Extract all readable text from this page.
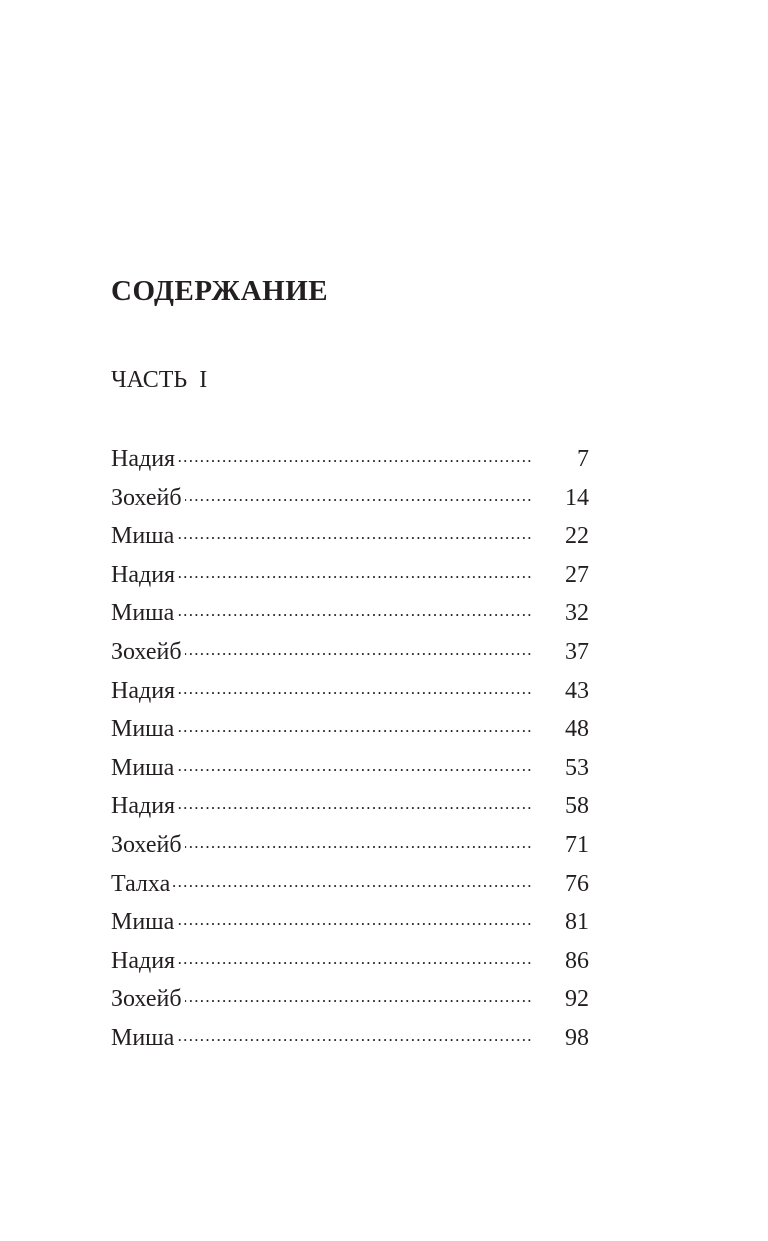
СОДЕРЖАНИЕ
ЧАСТЬ I
Надия .....	7
Зохейб .....	14
Миша .....	22
Надия .....	27
Миша .....	32
Зохейб .....	37
Надия .....	43
Миша .....	48
Миша .....	53
Надия .....	58
Зохейб .....	71
Талха .....	76
Миша .....	81
Надия .....	86
Зохейб .....	92
Миша .....	98
